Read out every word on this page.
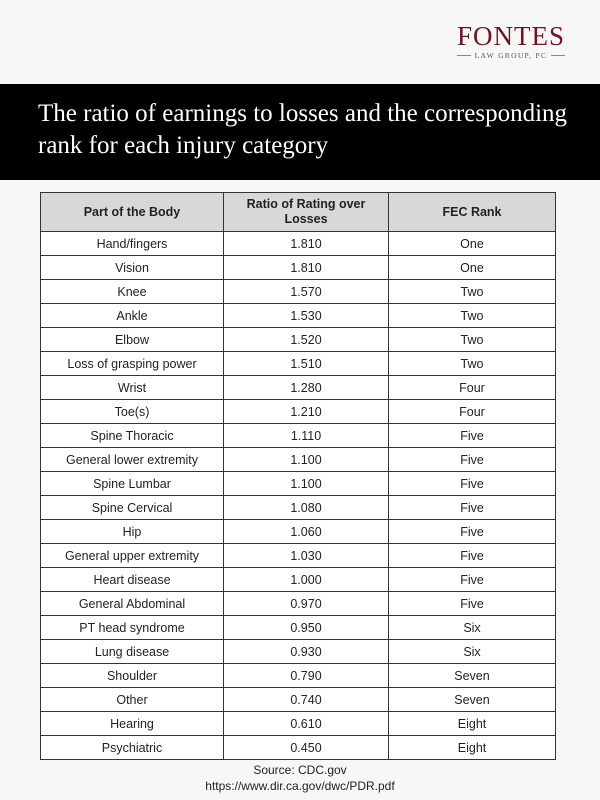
FONTES
LAW GROUP, PC
The ratio of earnings to losses and the corresponding rank for each injury category
Part of the Body	Ratio of Rating over Losses	FEC Rank
Hand/fingers	1.810	One
Vision	1.810	One
Knee	1.570	Two
Ankle	1.530	Two
Elbow	1.520	Two
Loss of grasping power	1.510	Two
Wrist	1.280	Four
Toe(s)	1.210	Four
Spine Thoracic	1.110	Five
General lower extremity	1.100	Five
Spine Lumbar	1.100	Five
Spine Cervical	1.080	Five
Hip	1.060	Five
General upper extremity	1.030	Five
Heart disease	1.000	Five
General Abdominal	0.970	Five
PT head syndrome	0.950	Six
Lung disease	0.930	Six
Shoulder	0.790	Seven
Other	0.740	Seven
Hearing	0.610	Eight
Psychiatric	0.450	Eight
Source: CDC.gov
https://www.dir.ca.gov/dwc/PDR.pdf
